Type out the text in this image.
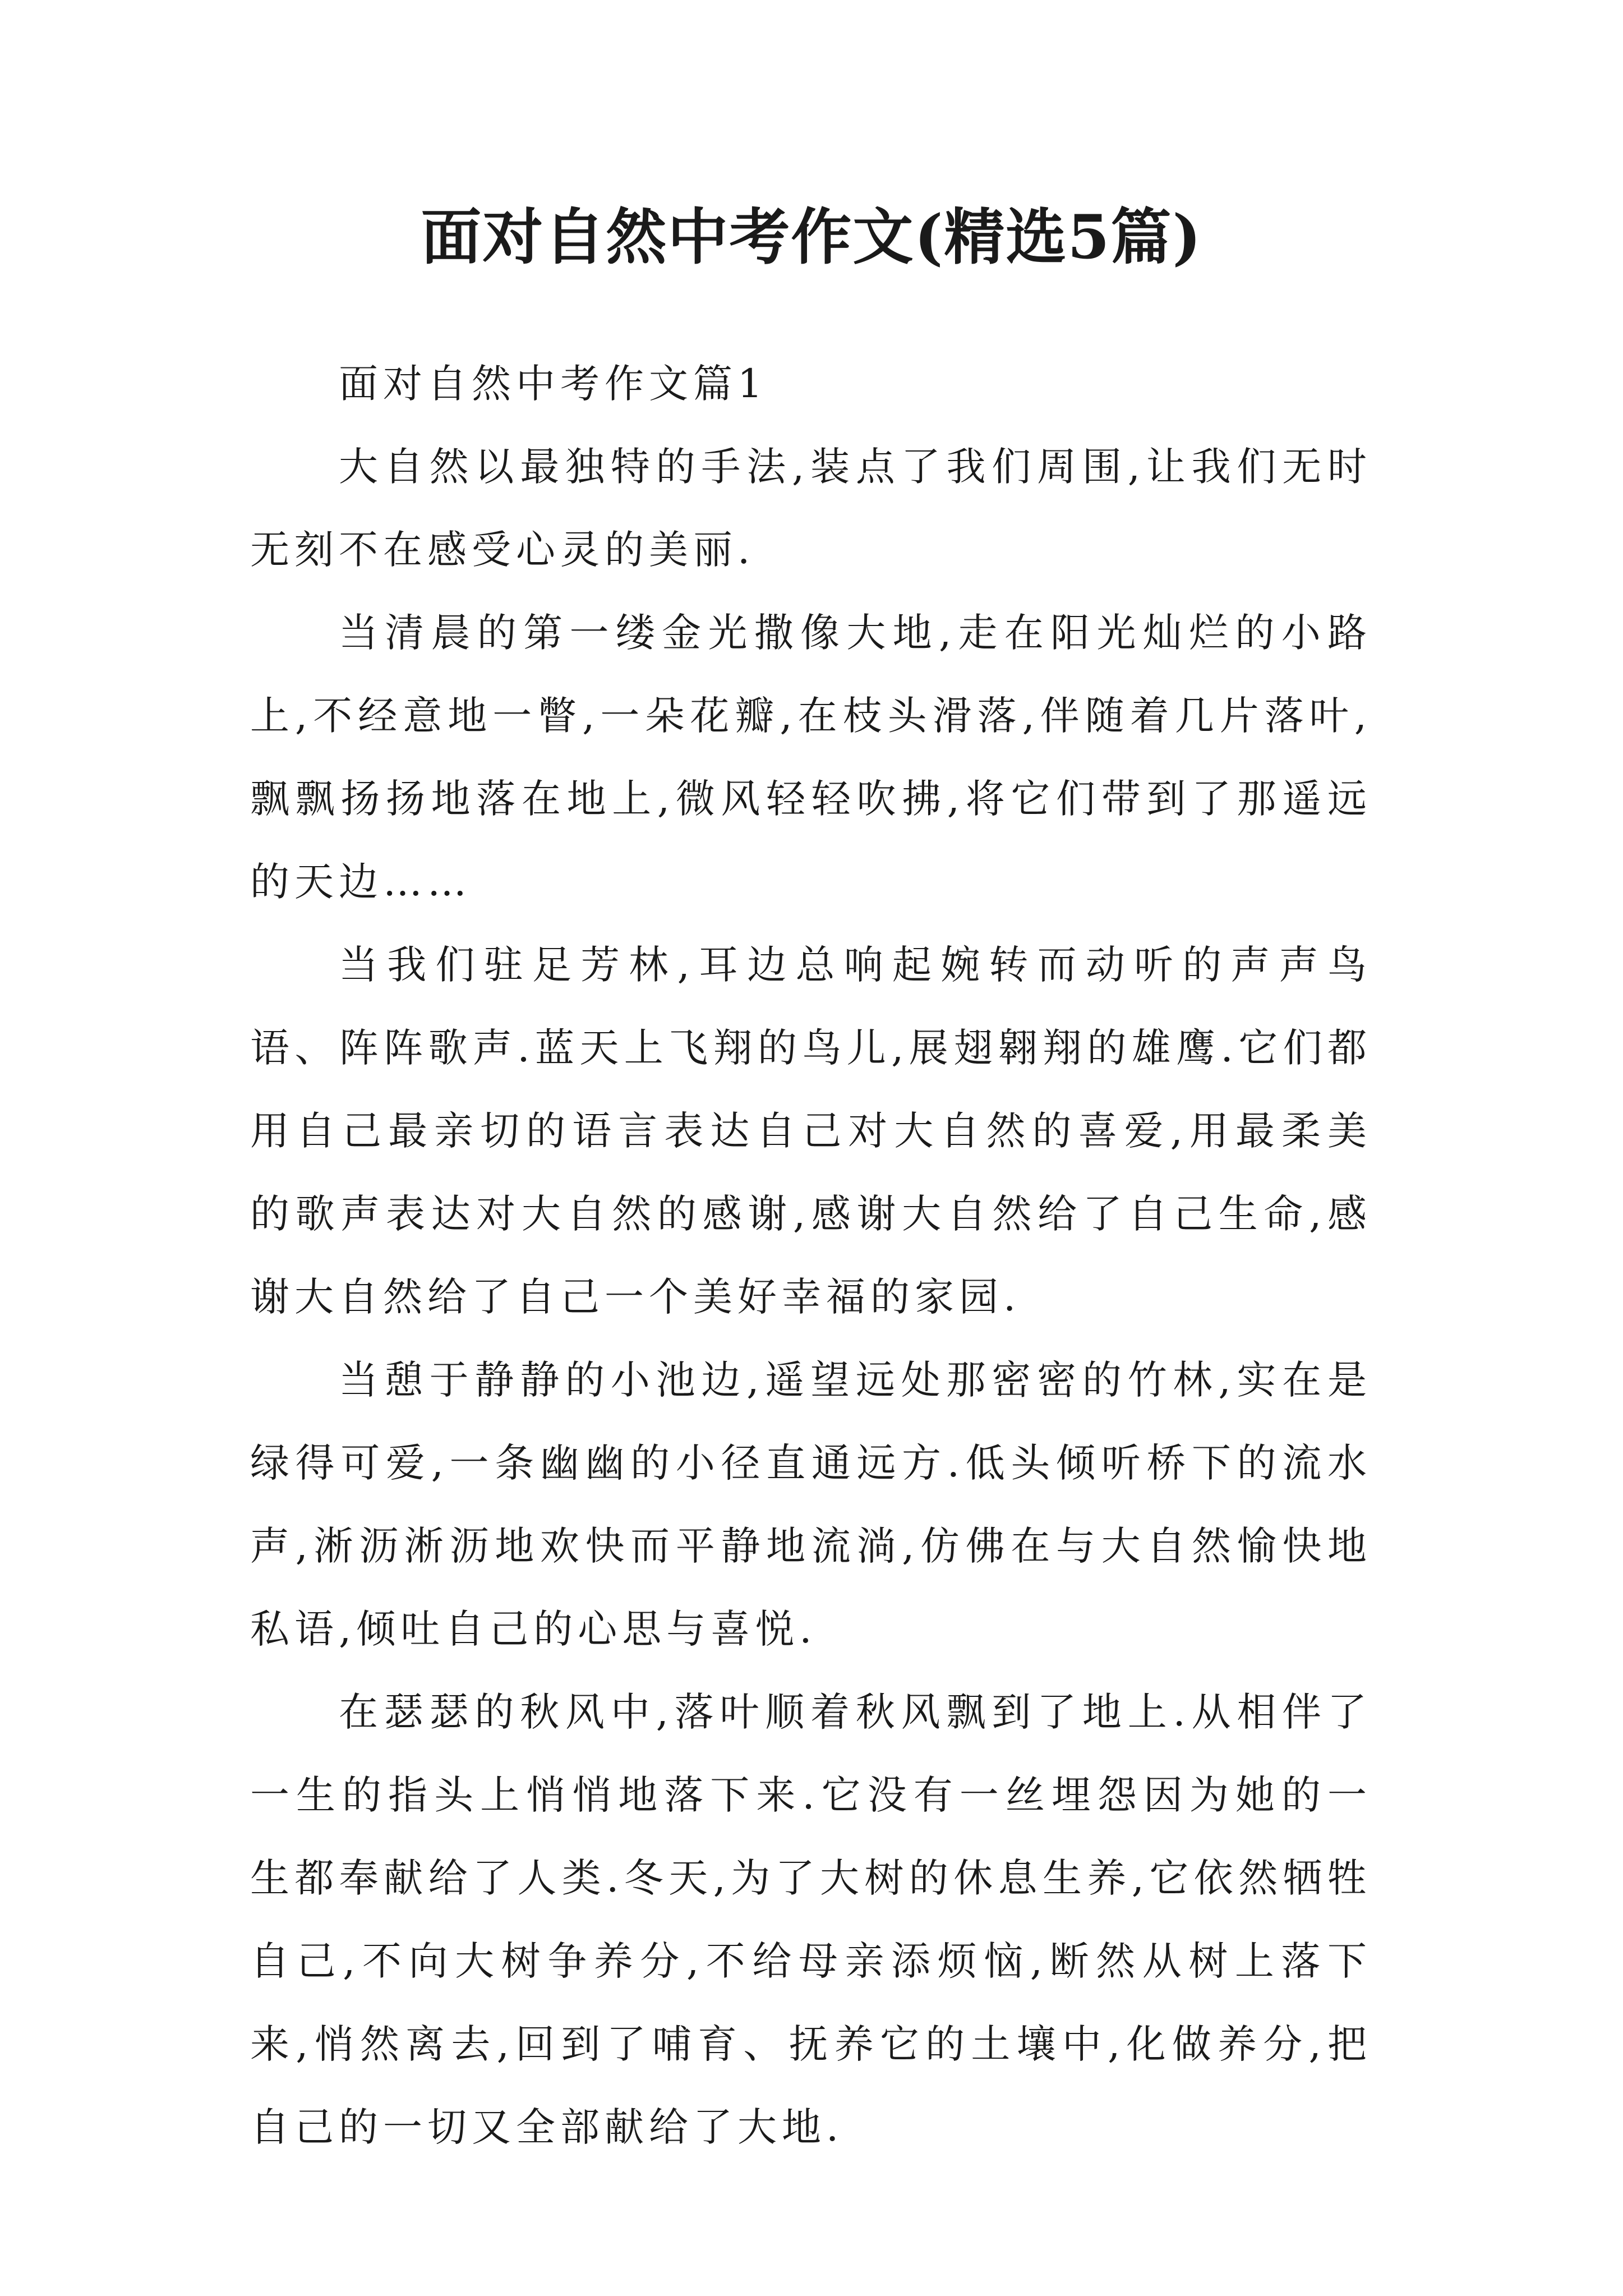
面对自然中考作文(精选5篇)

面对自然中考作文篇1

大自然以最独特的手法,装点了我们周围,让我们无时无刻不在感受心灵的美丽.

当清晨的第一缕金光撒像大地,走在阳光灿烂的小路上,不经意地一瞥,一朵花瓣,在枝头滑落,伴随着几片落叶,飘飘扬扬地落在地上,微风轻轻吹拂,将它们带到了那遥远的天边……

当我们驻足芳林,耳边总响起婉转而动听的声声鸟语、阵阵歌声.蓝天上飞翔的鸟儿,展翅翱翔的雄鹰.它们都用自己最亲切的语言表达自己对大自然的喜爱,用最柔美的歌声表达对大自然的感谢,感谢大自然给了自己生命,感谢大自然给了自己一个美好幸福的家园.

当憩于静静的小池边,遥望远处那密密的竹林,实在是绿得可爱,一条幽幽的小径直通远方.低头倾听桥下的流水声,淅沥淅沥地欢快而平静地流淌,仿佛在与大自然愉快地私语,倾吐自己的心思与喜悦.

在瑟瑟的秋风中,落叶顺着秋风飘到了地上.从相伴了一生的指头上悄悄地落下来.它没有一丝埋怨因为她的一生都奉献给了人类.冬天,为了大树的休息生养,它依然牺牲自己,不向大树争养分,不给母亲添烦恼,断然从树上落下来,悄然离去,回到了哺育、抚养它的土壤中,化做养分,把自己的一切又全部献给了大地.
